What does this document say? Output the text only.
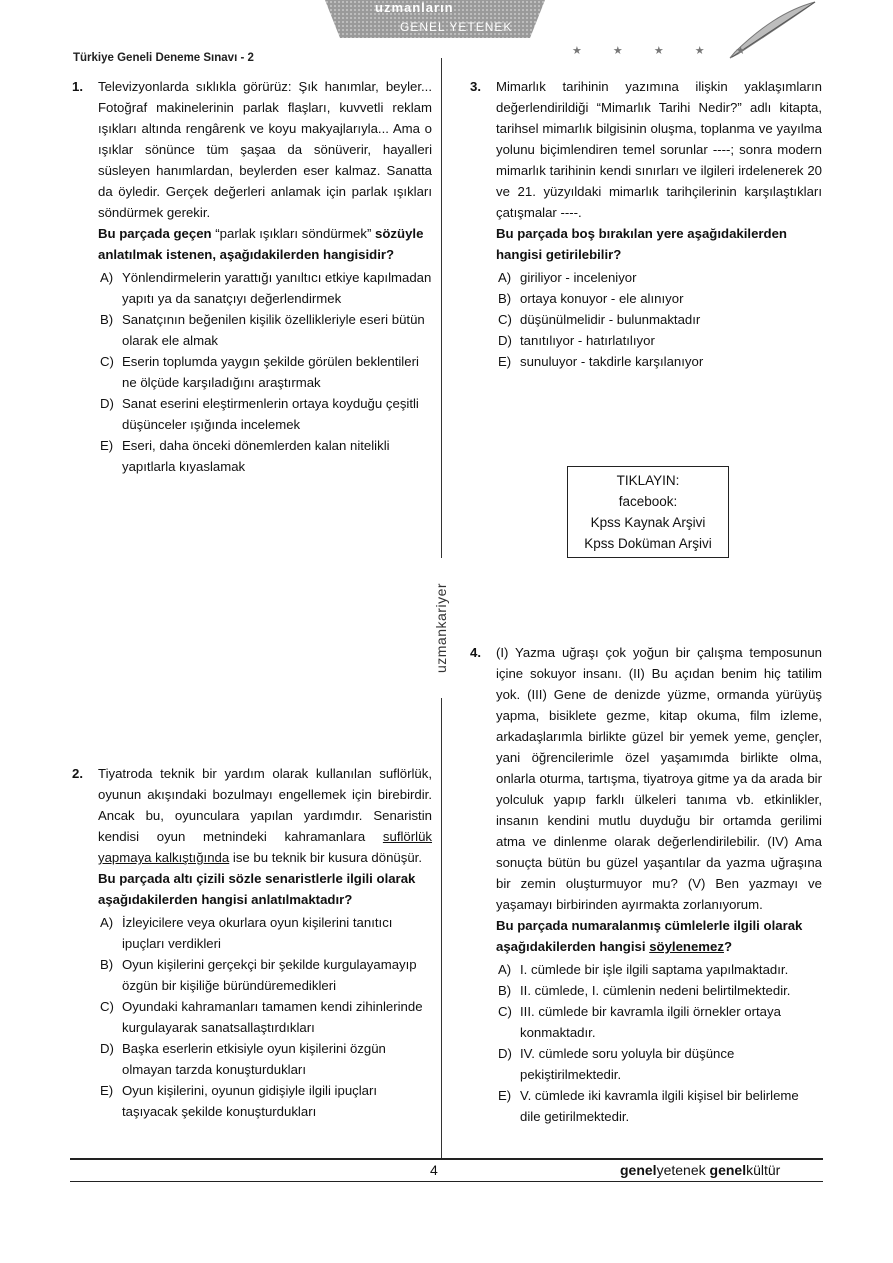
uzmanların
GENEL YETENEK
★ ★ ★ ★ ★
Türkiye Geneli Deneme Sınavı - 2
1. Televizyonlarda sıklıkla görürüz: Şık hanımlar, beyler... Fotoğraf makinelerinin parlak flaşları, kuvvetli reklam ışıkları altında rengârenk ve koyu makyajlarıyla... Ama o ışıklar sönünce tüm şaşaa da sönüverir, hayalleri süsleyen hanımlardan, beylerden eser kalmaz. Sanatta da öyledir. Gerçek değerleri anlamak için parlak ışıkları söndürmek gerekir.

Bu parçada geçen “parlak ışıkları söndürmek” sözüyle anlatılmak istenen, aşağıdakilerden hangisidir?

A) Yönlendirmelerin yarattığı yanıltıcı etkiye kapılmadan yapıtı ya da sanatçıyı değerlendirmek
B) Sanatçının beğenilen kişilik özellikleriyle eseri bütün olarak ele almak
C) Eserin toplumda yaygın şekilde görülen beklentileri ne ölçüde karşıladığını araştırmak
D) Sanat eserini eleştirmenlerin ortaya koyduğu çeşitli düşünceler ışığında incelemek
E) Eseri, daha önceki dönemlerden kalan nitelikli yapıtlarla kıyaslamak
2. Tiyatroda teknik bir yardım olarak kullanılan suflörlük, oyunun akışındaki bozulmayı engellemek için birebirdir. Ancak bu, oyunculara yapılan yardımdır. Senaristin kendisi oyun metnindeki kahramanlara suflörlük yapmaya kalkıştığında ise bu teknik bir kusura dönüşür.

Bu parçada altı çizili sözle senaristlerle ilgili olarak aşağıdakilerden hangisi anlatılmaktadır?

A) İzleyicilere veya okurlara oyun kişilerini tanıtıcı ipuçları verdikleri
B) Oyun kişilerini gerçekçi bir şekilde kurgulayamayıp özgün bir kişiliğe büründüremedikleri
C) Oyundaki kahramanları tamamen kendi zihinlerinde kurgulayarak sanatsallaştırdıkları
D) Başka eserlerin etkisiyle oyun kişilerini özgün olmayan tarzda konuşturdukları
E) Oyun kişilerini, oyunun gidişiyle ilgili ipuçları taşıyacak şekilde konuşturdukları
uzmankariyer
3. Mimarlık tarihinin yazımına ilişkin yaklaşımların değerlendirildiği “Mimarlık Tarihi Nedir?” adlı kitapta, tarihsel mimarlık bilgisinin oluşma, toplanma ve yayılma yolunu biçimlendiren temel sorunlar ----; sonra modern mimarlık tarihinin kendi sınırları ve ilgileri irdelenerek 20 ve 21. yüzyıldaki mimarlık tarihçilerinin karşılaştıkları çatışmalar ----.

Bu parçada boş bırakılan yere aşağıdakilerden hangisi getirilebilir?

A) giriliyor - inceleniyor
B) ortaya konuyor - ele alınıyor
C) düşünülmelidir - bulunmaktadır
D) tanıtılıyor - hatırlatılıyor
E) sunuluyor - takdirle karşılanıyor
4. (I) Yazma uğraşı çok yoğun bir çalışma temposunun içine sokuyor insanı. (II) Bu açıdan benim hiç tatilim yok. (III) Gene de denizde yüzme, ormanda yürüyüş yapma, bisiklete gezme, kitap okuma, film izleme, arkadaşlarımla birlikte güzel bir yemek yeme, gençler, yani öğrencilerimle özel yaşamımda birlikte olma, onlarla oturma, tartışma, tiyatroya gitme ya da arada bir yolculuk yapıp farklı ülkeleri tanıma vb. etkinlikler, insanın kendini mutlu duyduğu bir ortamda gerilimi atma ve dinlenme olarak değerlendirilebilir. (IV) Ama sonuçta bütün bu güzel yaşantılar da yazma uğraşına bir zemin oluşturmuyor mu? (V) Ben yazmayı ve yaşamayı birbirinden ayırmakta zorlanıyorum.

Bu parçada numaralanmış cümlelerle ilgili olarak aşağıdakilerden hangisi söylenemez?

A) I. cümlede bir işle ilgili saptama yapılmaktadır.
B) II. cümlede, I. cümlenin nedeni belirtilmektedir.
C) III. cümlede bir kavramla ilgili örnekler ortaya konmaktadır.
D) IV. cümlede soru yoluyla bir düşünce pekiştirilmektedir.
E) V. cümlede iki kavramla ilgili kişisel bir belirleme dile getirilmektedir.
TIKLAYIN:
facebook:
Kpss Kaynak Arşivi
Kpss Doküman Arşivi
4	genelyetenek genelkültür
